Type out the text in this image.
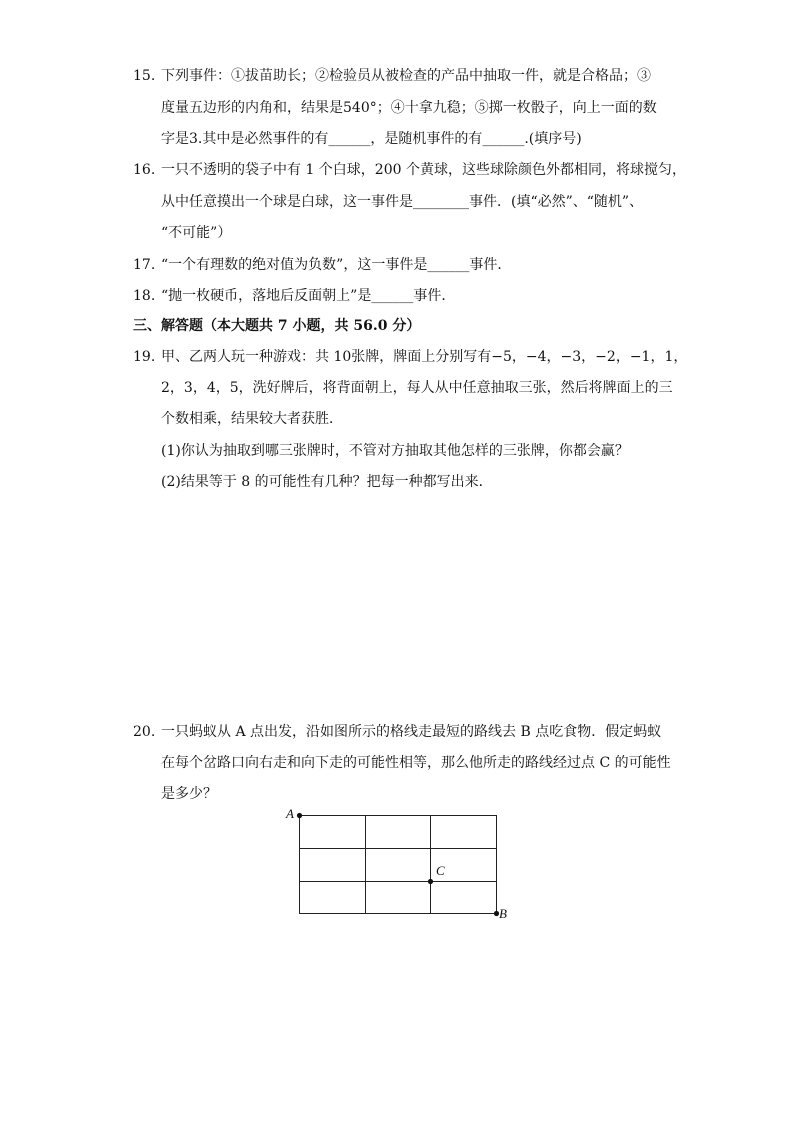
15. 下列事件：①拔苗助长；②检验员从被检查的产品中抽取一件，就是合格品；③
度量五边形的内角和，结果是540°；④十拿九稳；⑤掷一枚骰子，向上一面的数
字是3.其中是必然事件的有______，是随机事件的有______.(填序号)
16. 一只不透明的袋子中有 1 个白球，200 个黄球，这些球除颜色外都相同，将球搅匀，
从中任意摸出一个球是白球，这一事件是________事件．(填“必然”、“随机”、
“不可能”）
17. “一个有理数的绝对值为负数”，这一事件是______事件．
18. “抛一枚硬币，落地后反面朝上”是______事件．
三、解答题（本大题共 7 小题，共 56.0 分）
19. 甲、乙两人玩一种游戏：共 10张牌，牌面上分别写有−5，−4，−3，−2，−1，1，
2，3，4，5，洗好牌后，将背面朝上，每人从中任意抽取三张，然后将牌面上的三
个数相乘，结果较大者获胜．
(1)你认为抽取到哪三张牌时，不管对方抽取其他怎样的三张牌，你都会赢？
(2)结果等于 8 的可能性有几种？把每一种都写出来．
20. 一只蚂蚁从 A 点出发，沿如图所示的格线走最短的路线去 B 点吃食物．假定蚂蚁
在每个岔路口向右走和向下走的可能性相等，那么他所走的路线经过点 C 的可能性
是多少？
A
C
B
